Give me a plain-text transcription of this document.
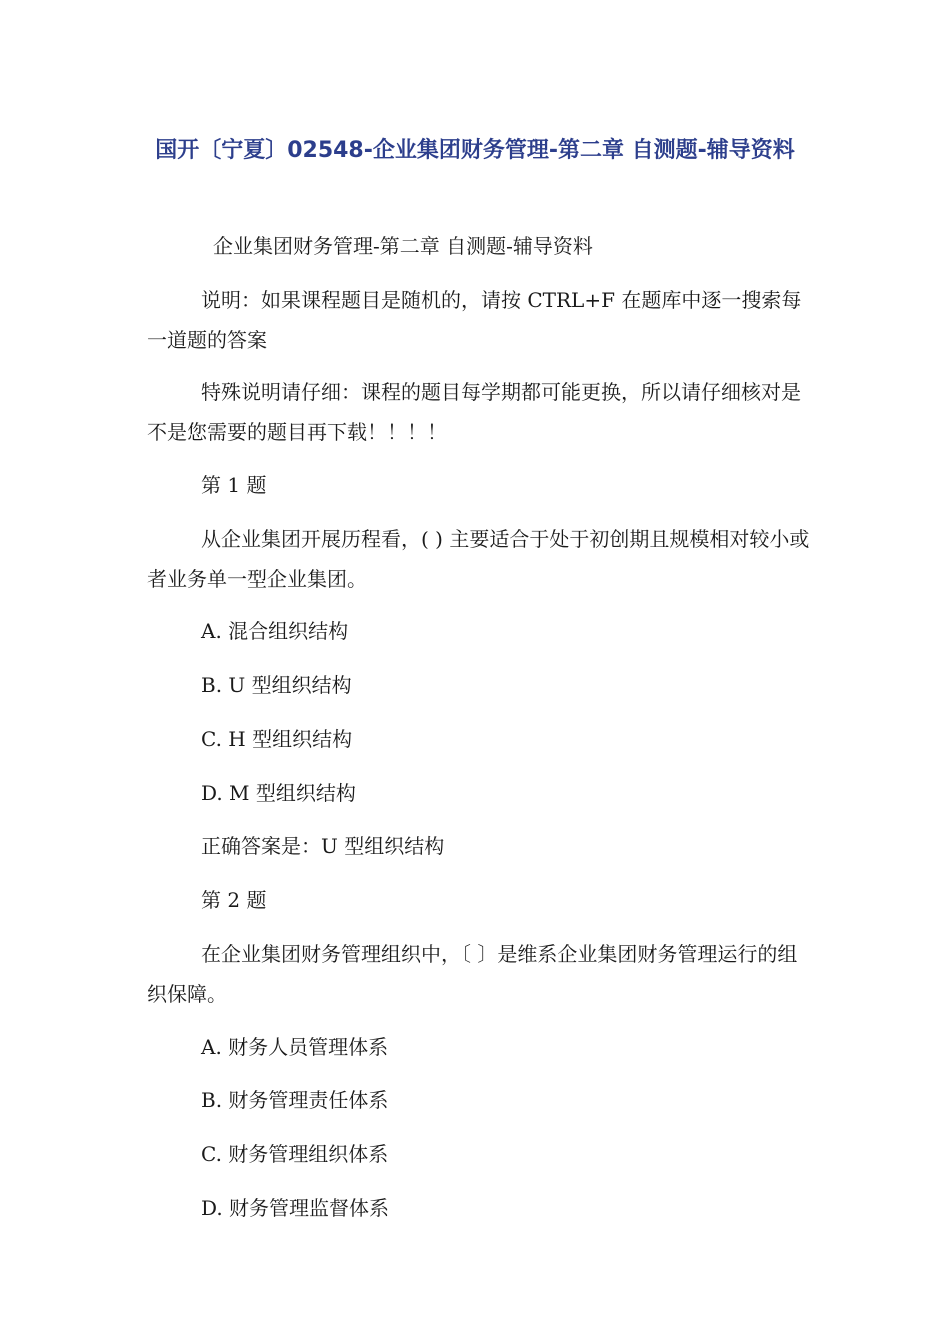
国开〔宁夏〕02548-企业集团财务管理-第二章 自测题-辅导资料

企业集团财务管理-第二章 自测题-辅导资料

说明：如果课程题目是随机的，请按 CTRL+F 在题库中逐一搜索每一道题的答案

特殊说明请仔细：课程的题目每学期都可能更换，所以请仔细核对是不是您需要的题目再下载！！！！

第 1 题

从企业集团开展历程看，( ) 主要适合于处于初创期且规模相对较小或者业务单一型企业集团。

A. 混合组织结构

B. U 型组织结构

C. H 型组织结构

D. M 型组织结构

正确答案是：U 型组织结构

第 2 题

在企业集团财务管理组织中，〔 〕是维系企业集团财务管理运行的组织保障。

A. 财务人员管理体系

B. 财务管理责任体系

C. 财务管理组织体系

D. 财务管理监督体系
